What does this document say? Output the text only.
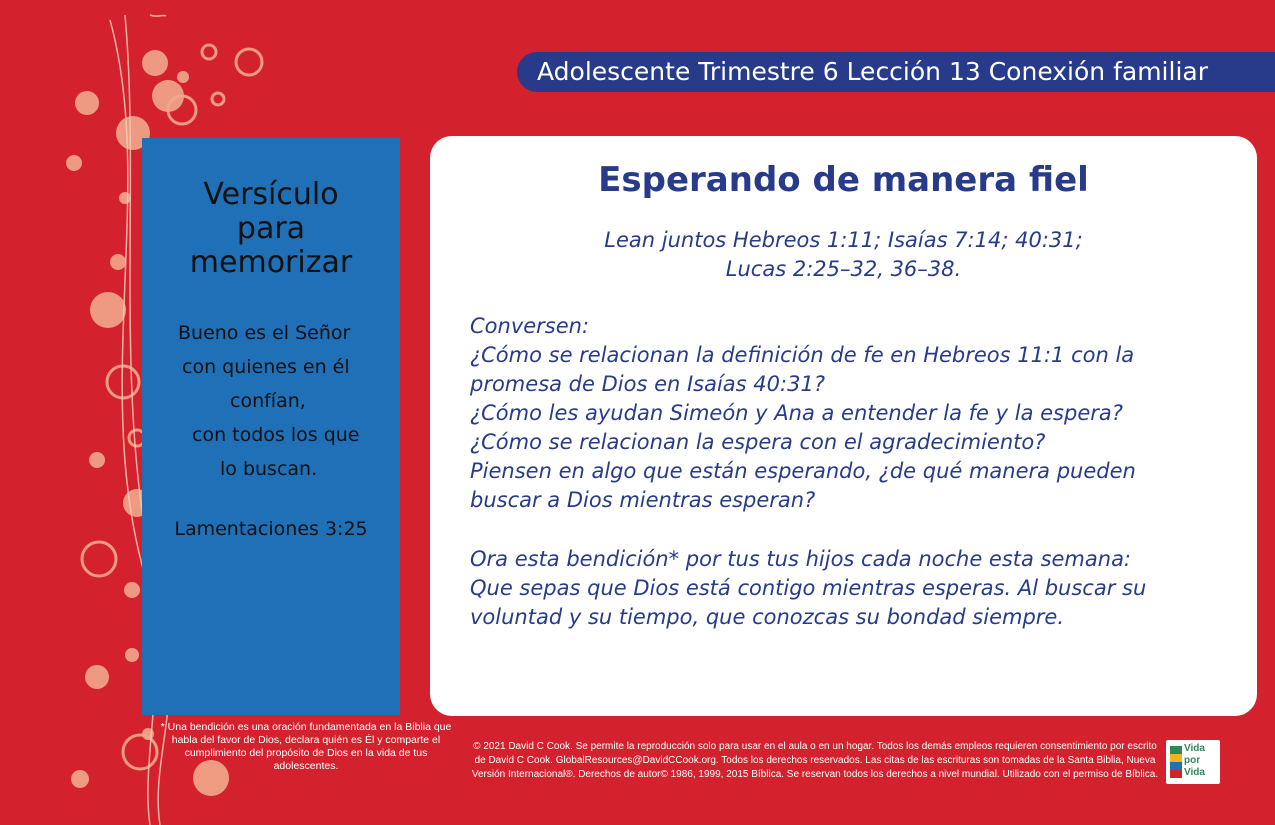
Adolescente Trimestre 6 Lección 13 Conexión familiar
Versículo
para
memorizar
Bueno es el Señor
con quienes en él
confían,
con todos los que
lo buscan.
Lamentaciones 3:25
Esperando de manera fiel
Lean juntos Hebreos 1:11; Isaías 7:14; 40:31;
Lucas 2:25–32, 36–38.
Conversen:
¿Cómo se relacionan la definición de fe en Hebreos 11:1 con la
promesa de Dios en Isaías 40:31?
¿Cómo les ayudan Simeón y Ana a entender la fe y la espera?
¿Cómo se relacionan la espera con el agradecimiento?
Piensen en algo que están esperando, ¿de qué manera pueden
buscar a Dios mientras esperan?
Ora esta bendición* por tus tus hijos cada noche esta semana:
Que sepas que Dios está contigo mientras esperas. Al buscar su
voluntad y su tiempo, que conozcas su bondad siempre.
* Una bendición es una oración fundamentada en la Biblia que habla del favor de Dios, declara quién es Él y comparte el cumplimiento del propósito de Dios en la vida de tus adolescentes.
© 2021 David C Cook. Se permite la reproducción solo para usar en el aula o en un hogar. Todos los demás empleos requieren consentimiento por escrito de David C Cook. GlobalResources@DavidCCook.org. Todos los derechos reservados. Las citas de las escrituras son tomadas de la Santa Biblia, Nueva Versión Internacional®. Derechos de autor© 1986, 1999, 2015 Bíblica. Se reservan todos los derechos a nivel mundial. Utilizado con el permiso de Bíblica.
Vida
por
Vida
